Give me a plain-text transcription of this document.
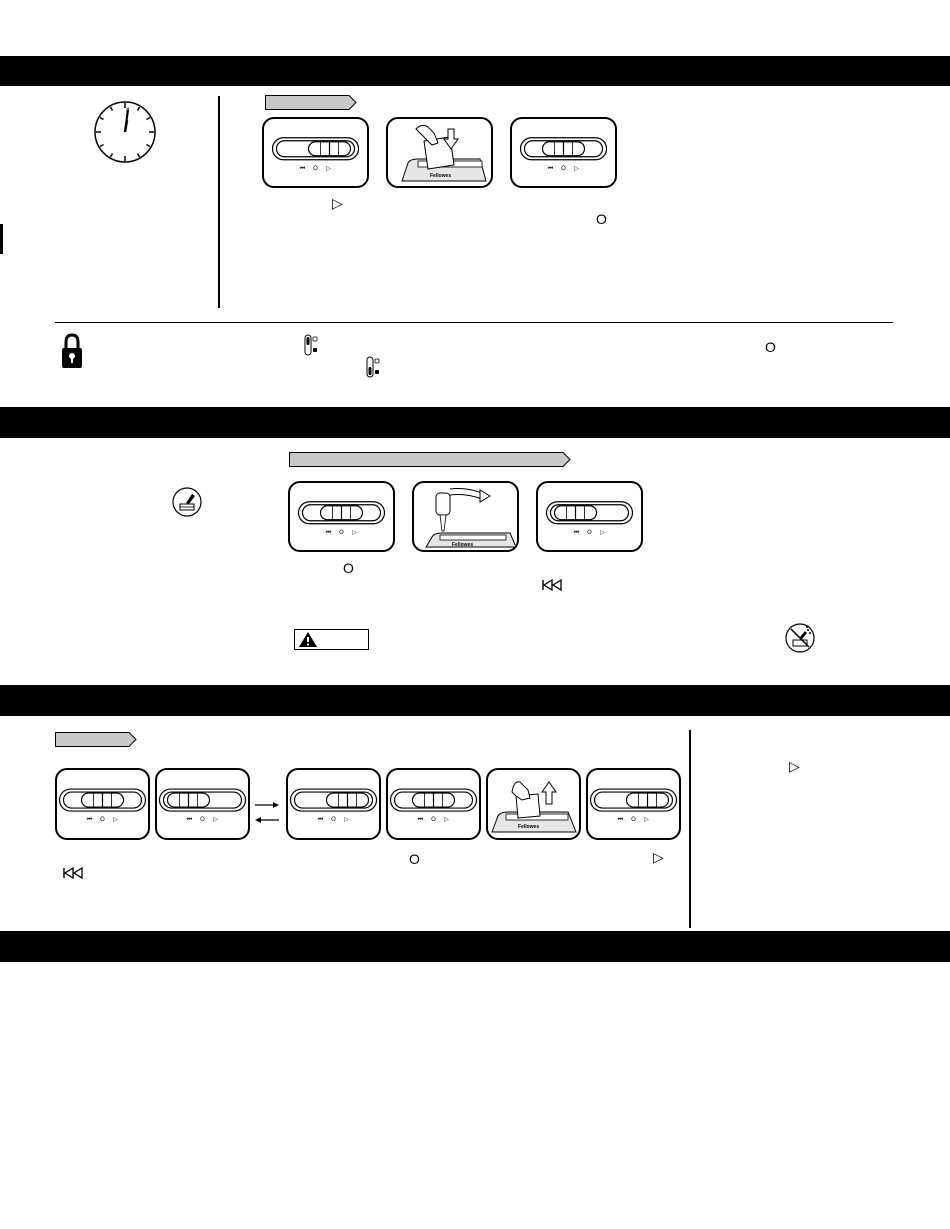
⏮ O ▷
Fellowes
⏮ O ▷
▷
O
O
⏮ O ▷
Fellowes
⏮ O ▷
O
⏮ O ▷	⏮ O ▷	⏮ O ▷	⏮ O ▷
Fellowes
⏮ O ▷
O	▷
▷
